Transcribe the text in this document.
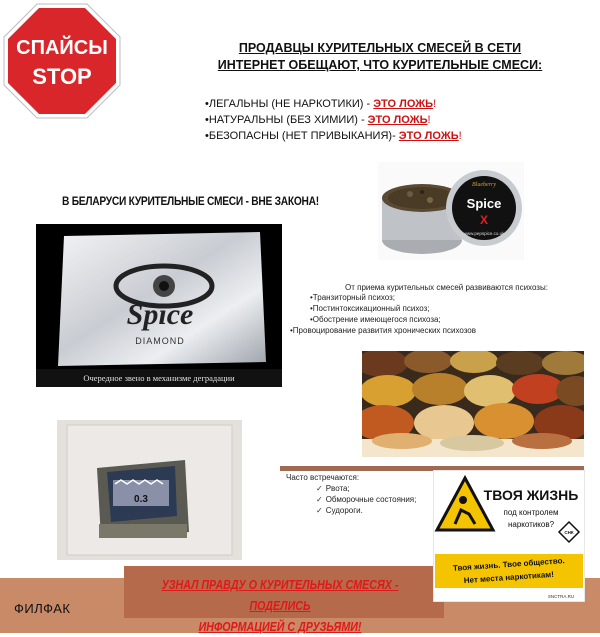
СПАЙСЫ
STOP
ПРОДАВЦЫ КУРИТЕЛЬНЫХ СМЕСЕЙ В СЕТИ
ИНТЕРНЕТ ОБЕЩАЮТ, ЧТО КУРИТЕЛЬНЫЕ СМЕСИ:
•ЛЕГАЛЬНЫ (НЕ НАРКОТИКИ) - ЭТО ЛОЖЬ!
•НАТУРАЛЬНЫ (БЕЗ ХИМИИ) - ЭТО ЛОЖЬ!
•БЕЗОПАСНЫ (НЕТ ПРИВЫКАНИЯ)- ЭТО ЛОЖЬ!
В БЕЛАРУСИ КУРИТЕЛЬНЫЕ СМЕСИ - ВНЕ ЗАКОНА!
Spice
DIAMOND
Очередное звено в механизме деградации
Blueberry
Spice
X
www.pepspice.co.uk
От приема курительных смесей развиваются психозы:
•Транзиторный психоз;
•Постинтоксикационный психоз;
•Обострение имеющегося психоза;
•Провоцирование развития хронических психозов
0.3
Часто встречаются:
✓ Рвота;
✓ Обморочные состояния;
✓ Судороги.
УЗНАЛ ПРАВДУ О КУРИТЕЛЬНЫХ СМЕСЯХ - ПОДЕЛИСЬ
ИНФОРМАЦИЕЙ С ДРУЗЬЯМИ!
ФИЛФАК
ТВОЯ ЖИЗНЬ
под контролем
наркотиков?
СНК
Твоя жизнь. Твое общество.
Нет места наркотикам!
SNCTRA.RU
